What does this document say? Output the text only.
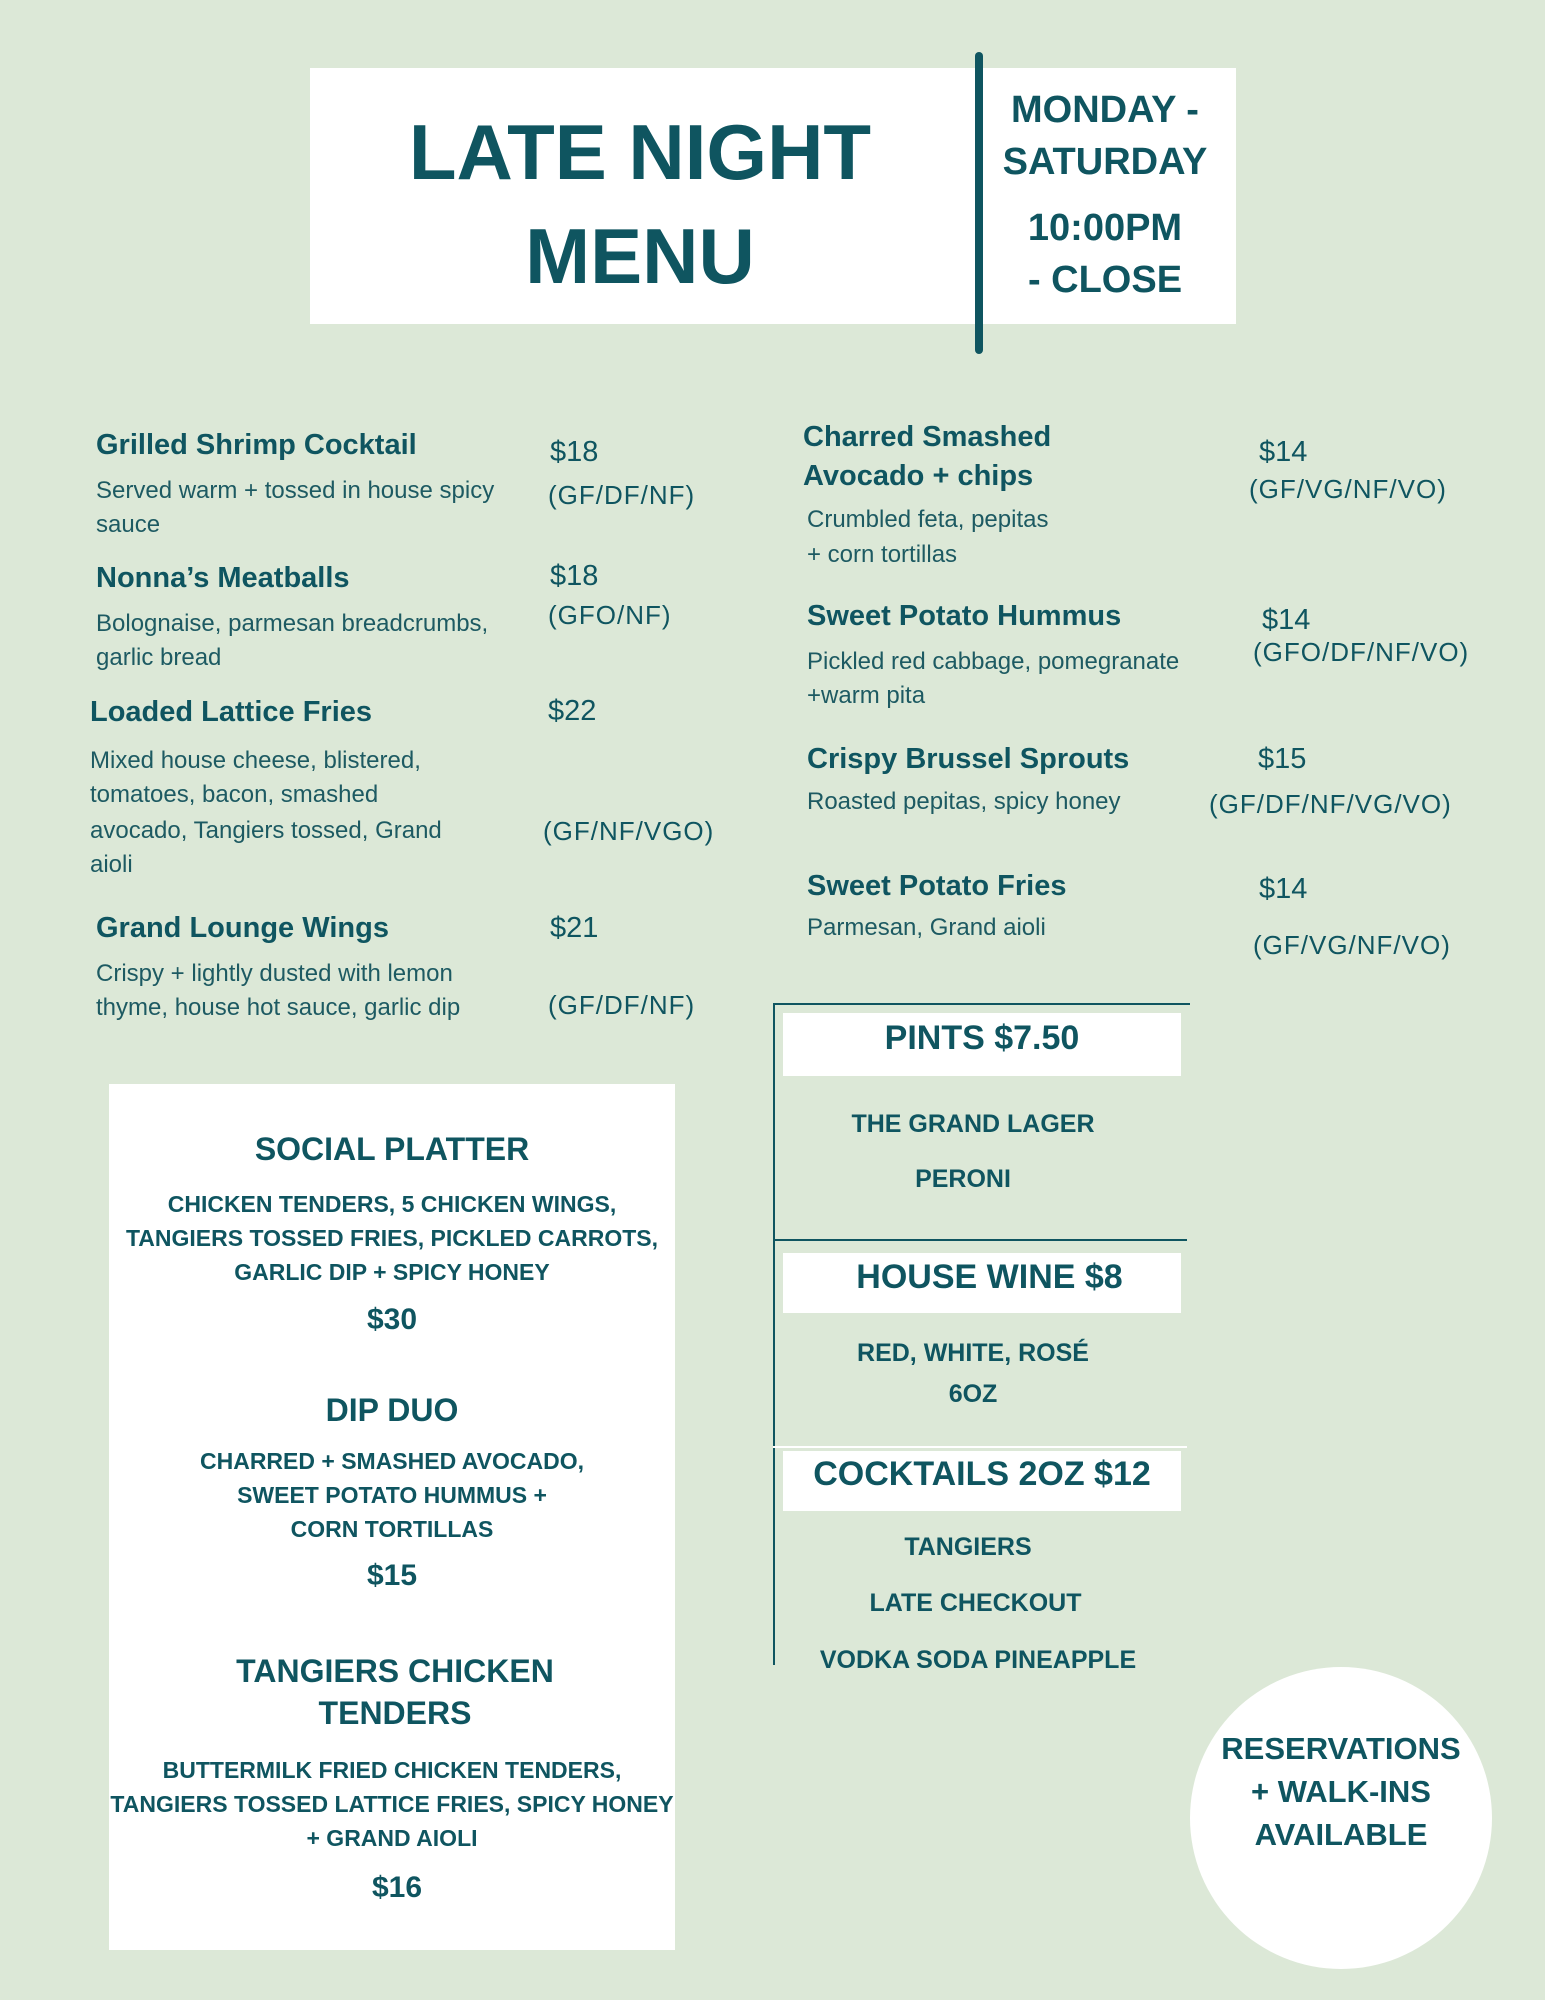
LATE NIGHT
MENU
MONDAY -
SATURDAY
10:00PM
- CLOSE
Grilled Shrimp Cocktail
Served warm + tossed in house spicy
sauce
$18
(GF/DF/NF)
Nonna’s Meatballs
Bolognaise, parmesan breadcrumbs,
garlic bread
$18
(GFO/NF)
Loaded Lattice Fries
Mixed house cheese, blistered,
tomatoes, bacon, smashed
avocado, Tangiers tossed, Grand
aioli
$22
(GF/NF/VGO)
Grand Lounge Wings
Crispy + lightly dusted with lemon
thyme, house hot sauce, garlic dip
$21
(GF/DF/NF)
Charred Smashed
Avocado + chips
Crumbled feta, pepitas
+ corn tortillas
$14
(GF/VG/NF/VO)
Sweet Potato Hummus
Pickled red cabbage, pomegranate
+warm pita
$14
(GFO/DF/NF/VO)
Crispy Brussel Sprouts
Roasted pepitas, spicy honey
$15
(GF/DF/NF/VG/VO)
Sweet Potato Fries
Parmesan, Grand aioli
$14
(GF/VG/NF/VO)
SOCIAL PLATTER
CHICKEN TENDERS, 5 CHICKEN WINGS,
TANGIERS TOSSED FRIES, PICKLED CARROTS,
GARLIC DIP + SPICY HONEY
$30
DIP DUO
CHARRED + SMASHED AVOCADO,
SWEET POTATO HUMMUS +
CORN TORTILLAS
$15
TANGIERS CHICKEN
TENDERS
BUTTERMILK FRIED CHICKEN TENDERS,
TANGIERS TOSSED LATTICE FRIES, SPICY HONEY
+ GRAND AIOLI
$16
PINTS $7.50
THE GRAND LAGER
PERONI
HOUSE WINE $8
RED, WHITE, ROSÉ
6OZ
COCKTAILS 2OZ $12
TANGIERS
LATE CHECKOUT
VODKA SODA PINEAPPLE
RESERVATIONS
+ WALK-INS
AVAILABLE
